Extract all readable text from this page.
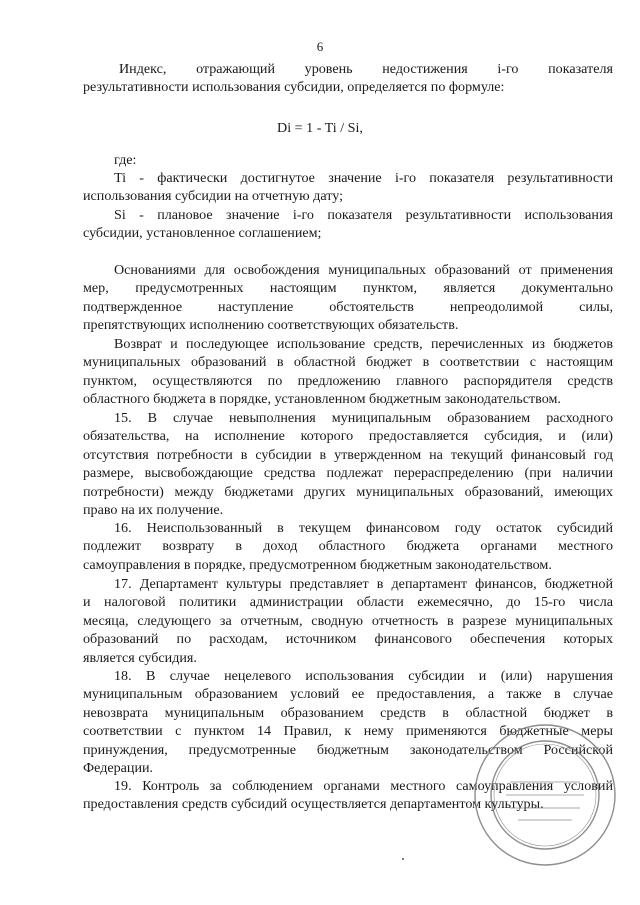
6
Индекс, отражающий уровень недостижения i-го показателя
результативности использования субсидии, определяется по формуле:
Di = 1 - Ti / Si,
где:
Ti - фактически достигнутое значение i-го показателя результативности
использования субсидии на отчетную дату;
Si - плановое значение i-го показателя результативности использования
субсидии, установленное соглашением;
Основаниями для освобождения муниципальных образований от применения
мер, предусмотренных настоящим пунктом, является документально
подтвержденное наступление обстоятельств непреодолимой силы,
препятствующих исполнению соответствующих обязательств.
Возврат и последующее использование средств, перечисленных из бюджетов
муниципальных образований в областной бюджет в соответствии с настоящим
пунктом, осуществляются по предложению главного распорядителя средств
областного бюджета в порядке, установленном бюджетным законодательством.
15. В случае невыполнения муниципальным образованием расходного
обязательства, на исполнение которого предоставляется субсидия, и (или)
отсутствия потребности в субсидии в утвержденном на текущий финансовый год
размере, высвобождающие средства подлежат перераспределению (при наличии
потребности) между бюджетами других муниципальных образований, имеющих
право на их получение.
16. Неиспользованный в текущем финансовом году остаток субсидий
подлежит возврату в доход областного бюджета органами местного
самоуправления в порядке, предусмотренном бюджетным законодательством.
17. Департамент культуры представляет в департамент финансов, бюджетной
и налоговой политики администрации области ежемесячно, до 15-го числа
месяца, следующего за отчетным, сводную отчетность в разрезе муниципальных
образований по расходам, источником финансового обеспечения которых
является субсидия.
18. В случае нецелевого использования субсидии и (или) нарушения
муниципальным образованием условий ее предоставления, а также в случае
невозврата муниципальным образованием средств в областной бюджет в
соответствии с пунктом 14 Правил, к нему применяются бюджетные меры
принуждения, предусмотренные бюджетным законодательством Российской
Федерации.
19. Контроль за соблюдением органами местного самоуправления условий
предоставления средств субсидий осуществляется департаментом культуры.
